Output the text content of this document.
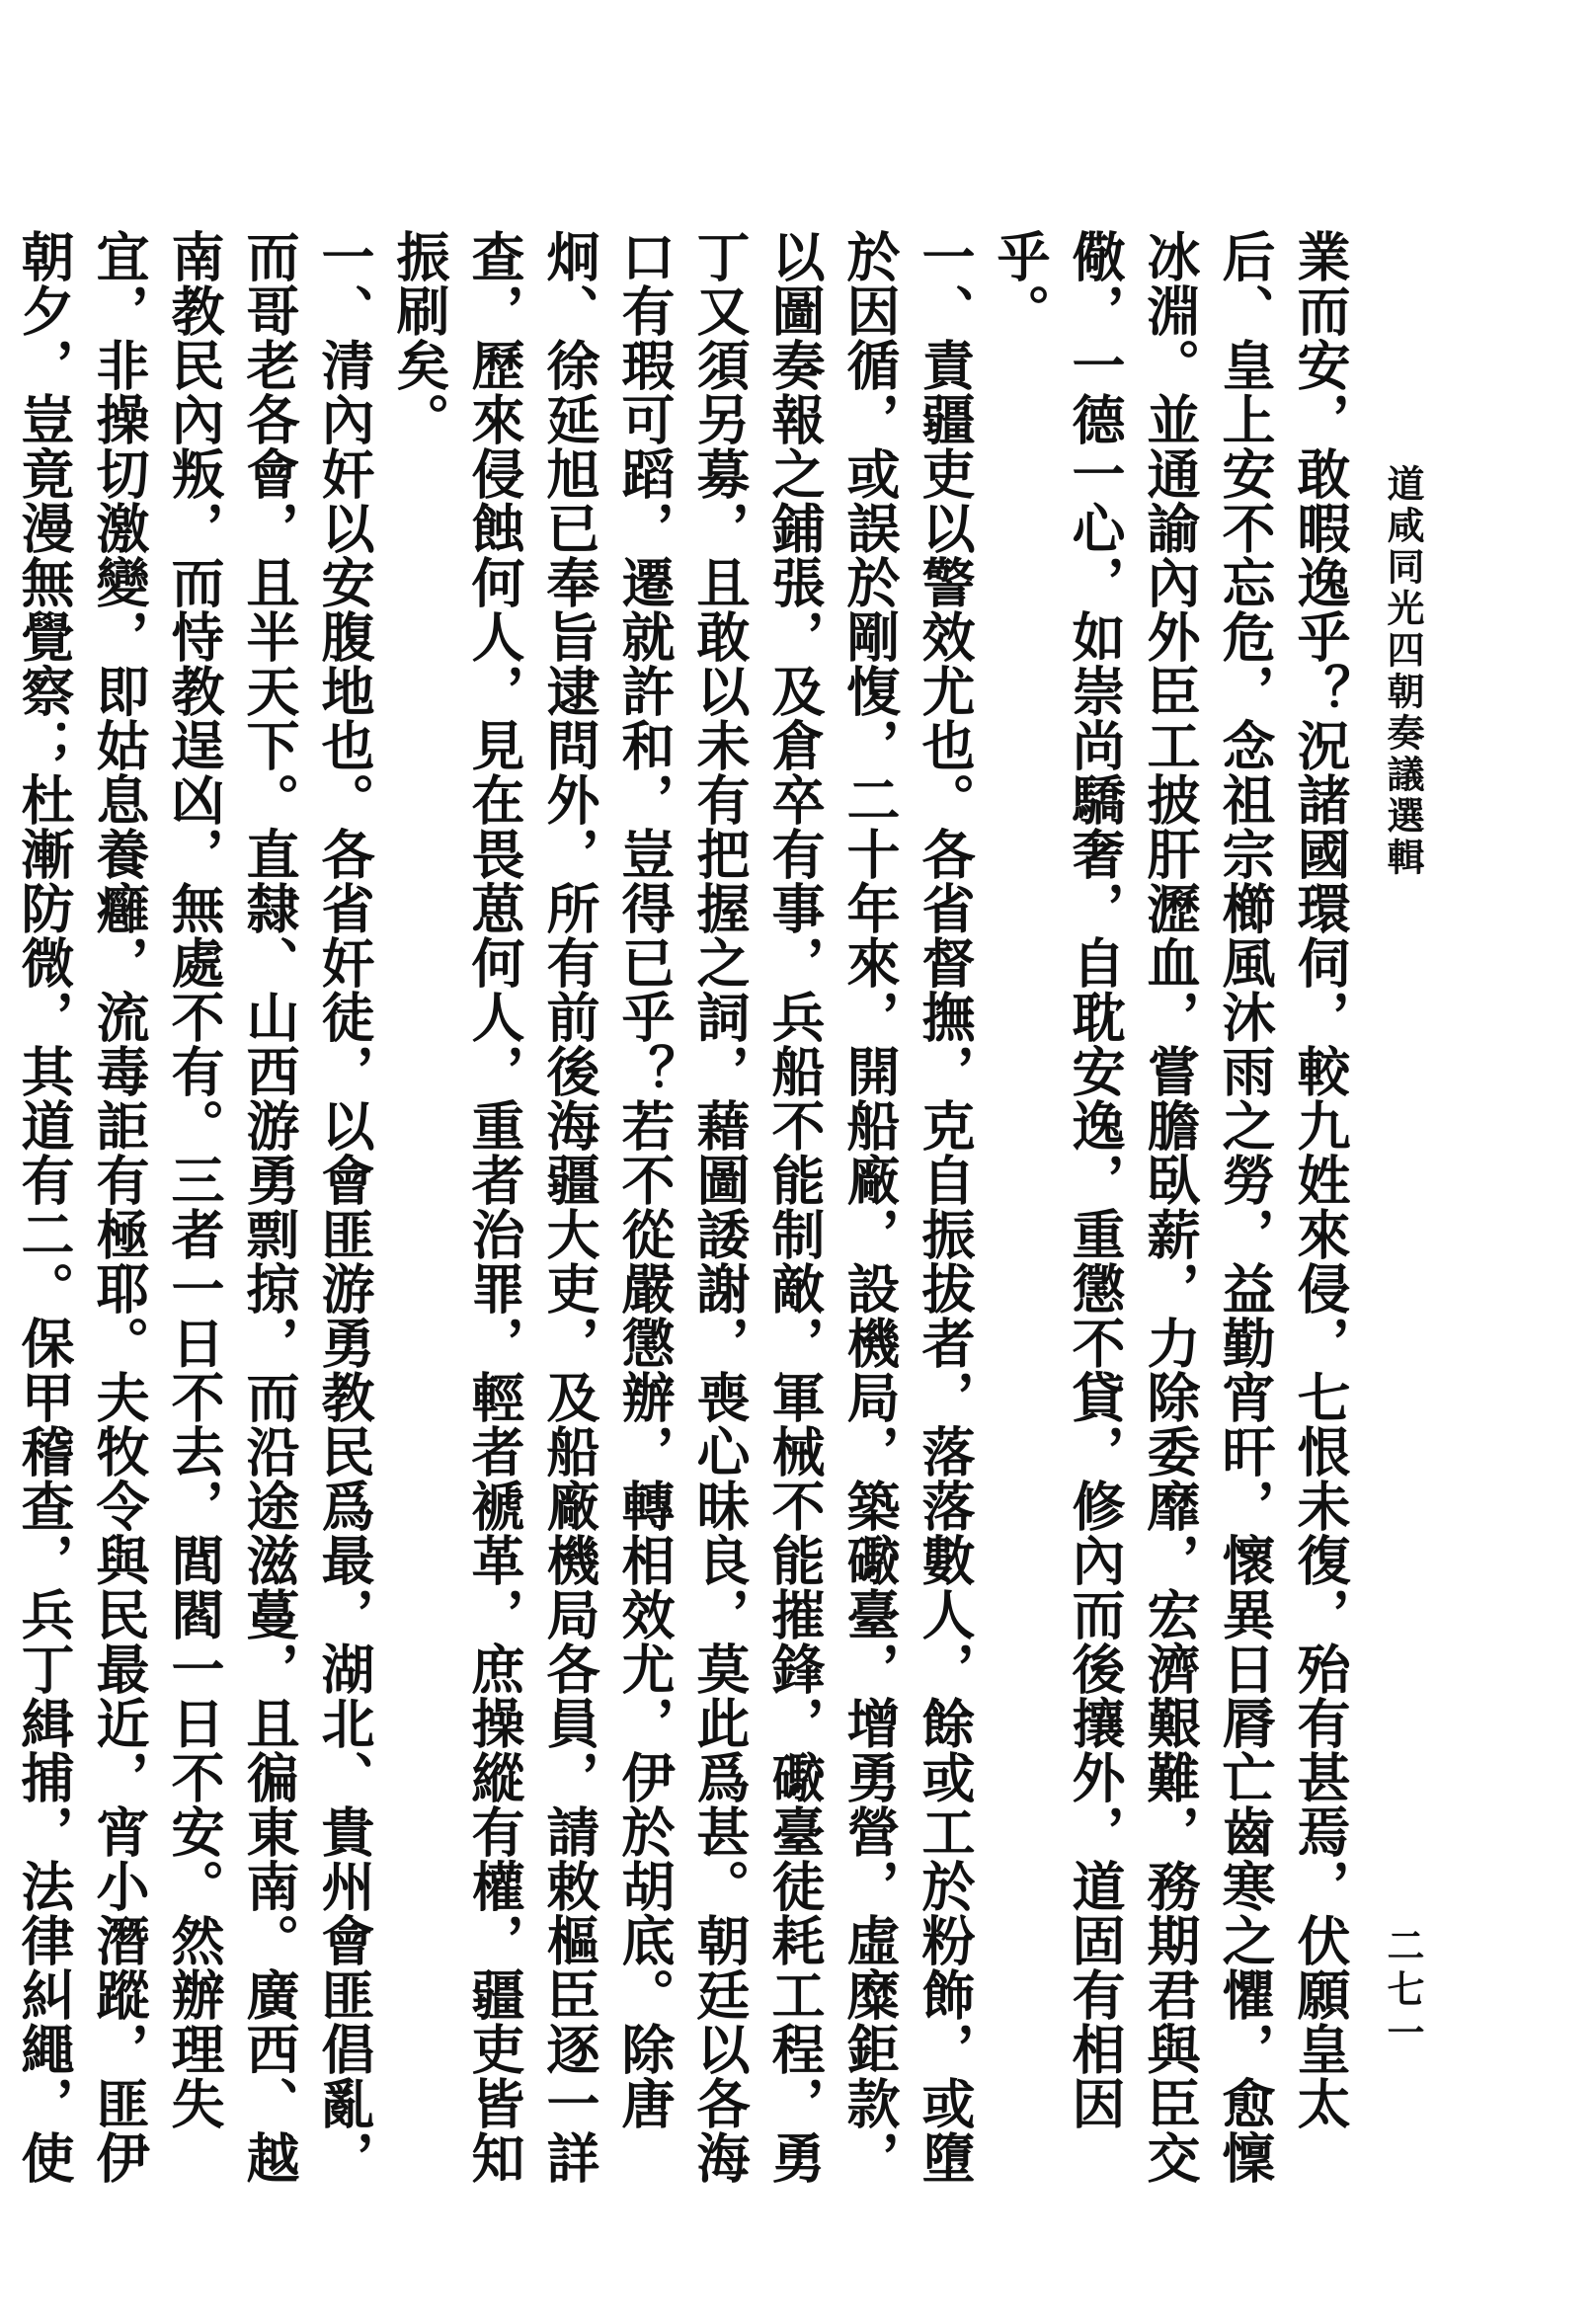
道咸同光四朝奏議選輯
二七一

業而安，敢暇逸乎？況諸國環伺，較九姓來侵，七恨未復，殆有甚焉，伏願皇太后、皇上安不忘危，念祖宗櫛風沐雨之勞，益勤宵旰，懷異日脣亡齒寒之懼，愈懍冰淵。並通諭內外臣工披肝瀝血，嘗膽臥薪，力除委靡，宏濟艱難，務期君與臣交儆，一德一心，如崇尚驕奢，自耽安逸，重懲不貸，修內而後攘外，道固有相因乎。

一、責疆吏以警效尤也。各省督撫，克自振拔者，落落數人，餘或工於粉飾，或墮於因循，或誤於剛愎，二十年來，開船廠，設機局，築礮臺，增勇營，虛糜鉅款，以圖奏報之鋪張，及倉卒有事，兵船不能制敵，軍械不能摧鋒，礮臺徒耗工程，勇丁又須另募，且敢以未有把握之詞，藉圖諉謝，喪心昧良，莫此爲甚。朝廷以各海口有瑕可蹈，遷就許和，豈得已乎？若不從嚴懲辦，轉相效尤，伊於胡底。除唐炯、徐延旭已奉旨逮問外，所有前後海疆大吏，及船廠機局各員，請敕樞臣逐一詳查，歷來侵蝕何人，見在畏葸何人，重者治罪，輕者褫革，庶操縱有權，疆吏皆知振刷矣。

一、清內奸以安腹地也。各省奸徒，以會匪游勇教民爲最，湖北、貴州會匪倡亂，而哥老各會，且半天下。直隸、山西游勇剽掠，而沿途滋蔓，且徧東南。廣西、越南教民內叛，而恃教逞凶，無處不有。三者一日不去，閭閻一日不安。然辦理失宜，非操切激變，即姑息養癰，流毒詎有極耶。夫牧令與民最近，宵小潛蹤，匪伊朝夕，豈竟漫無覺察；杜漸防微，其道有二。保甲稽查，兵丁緝捕，法律糾繩，使
